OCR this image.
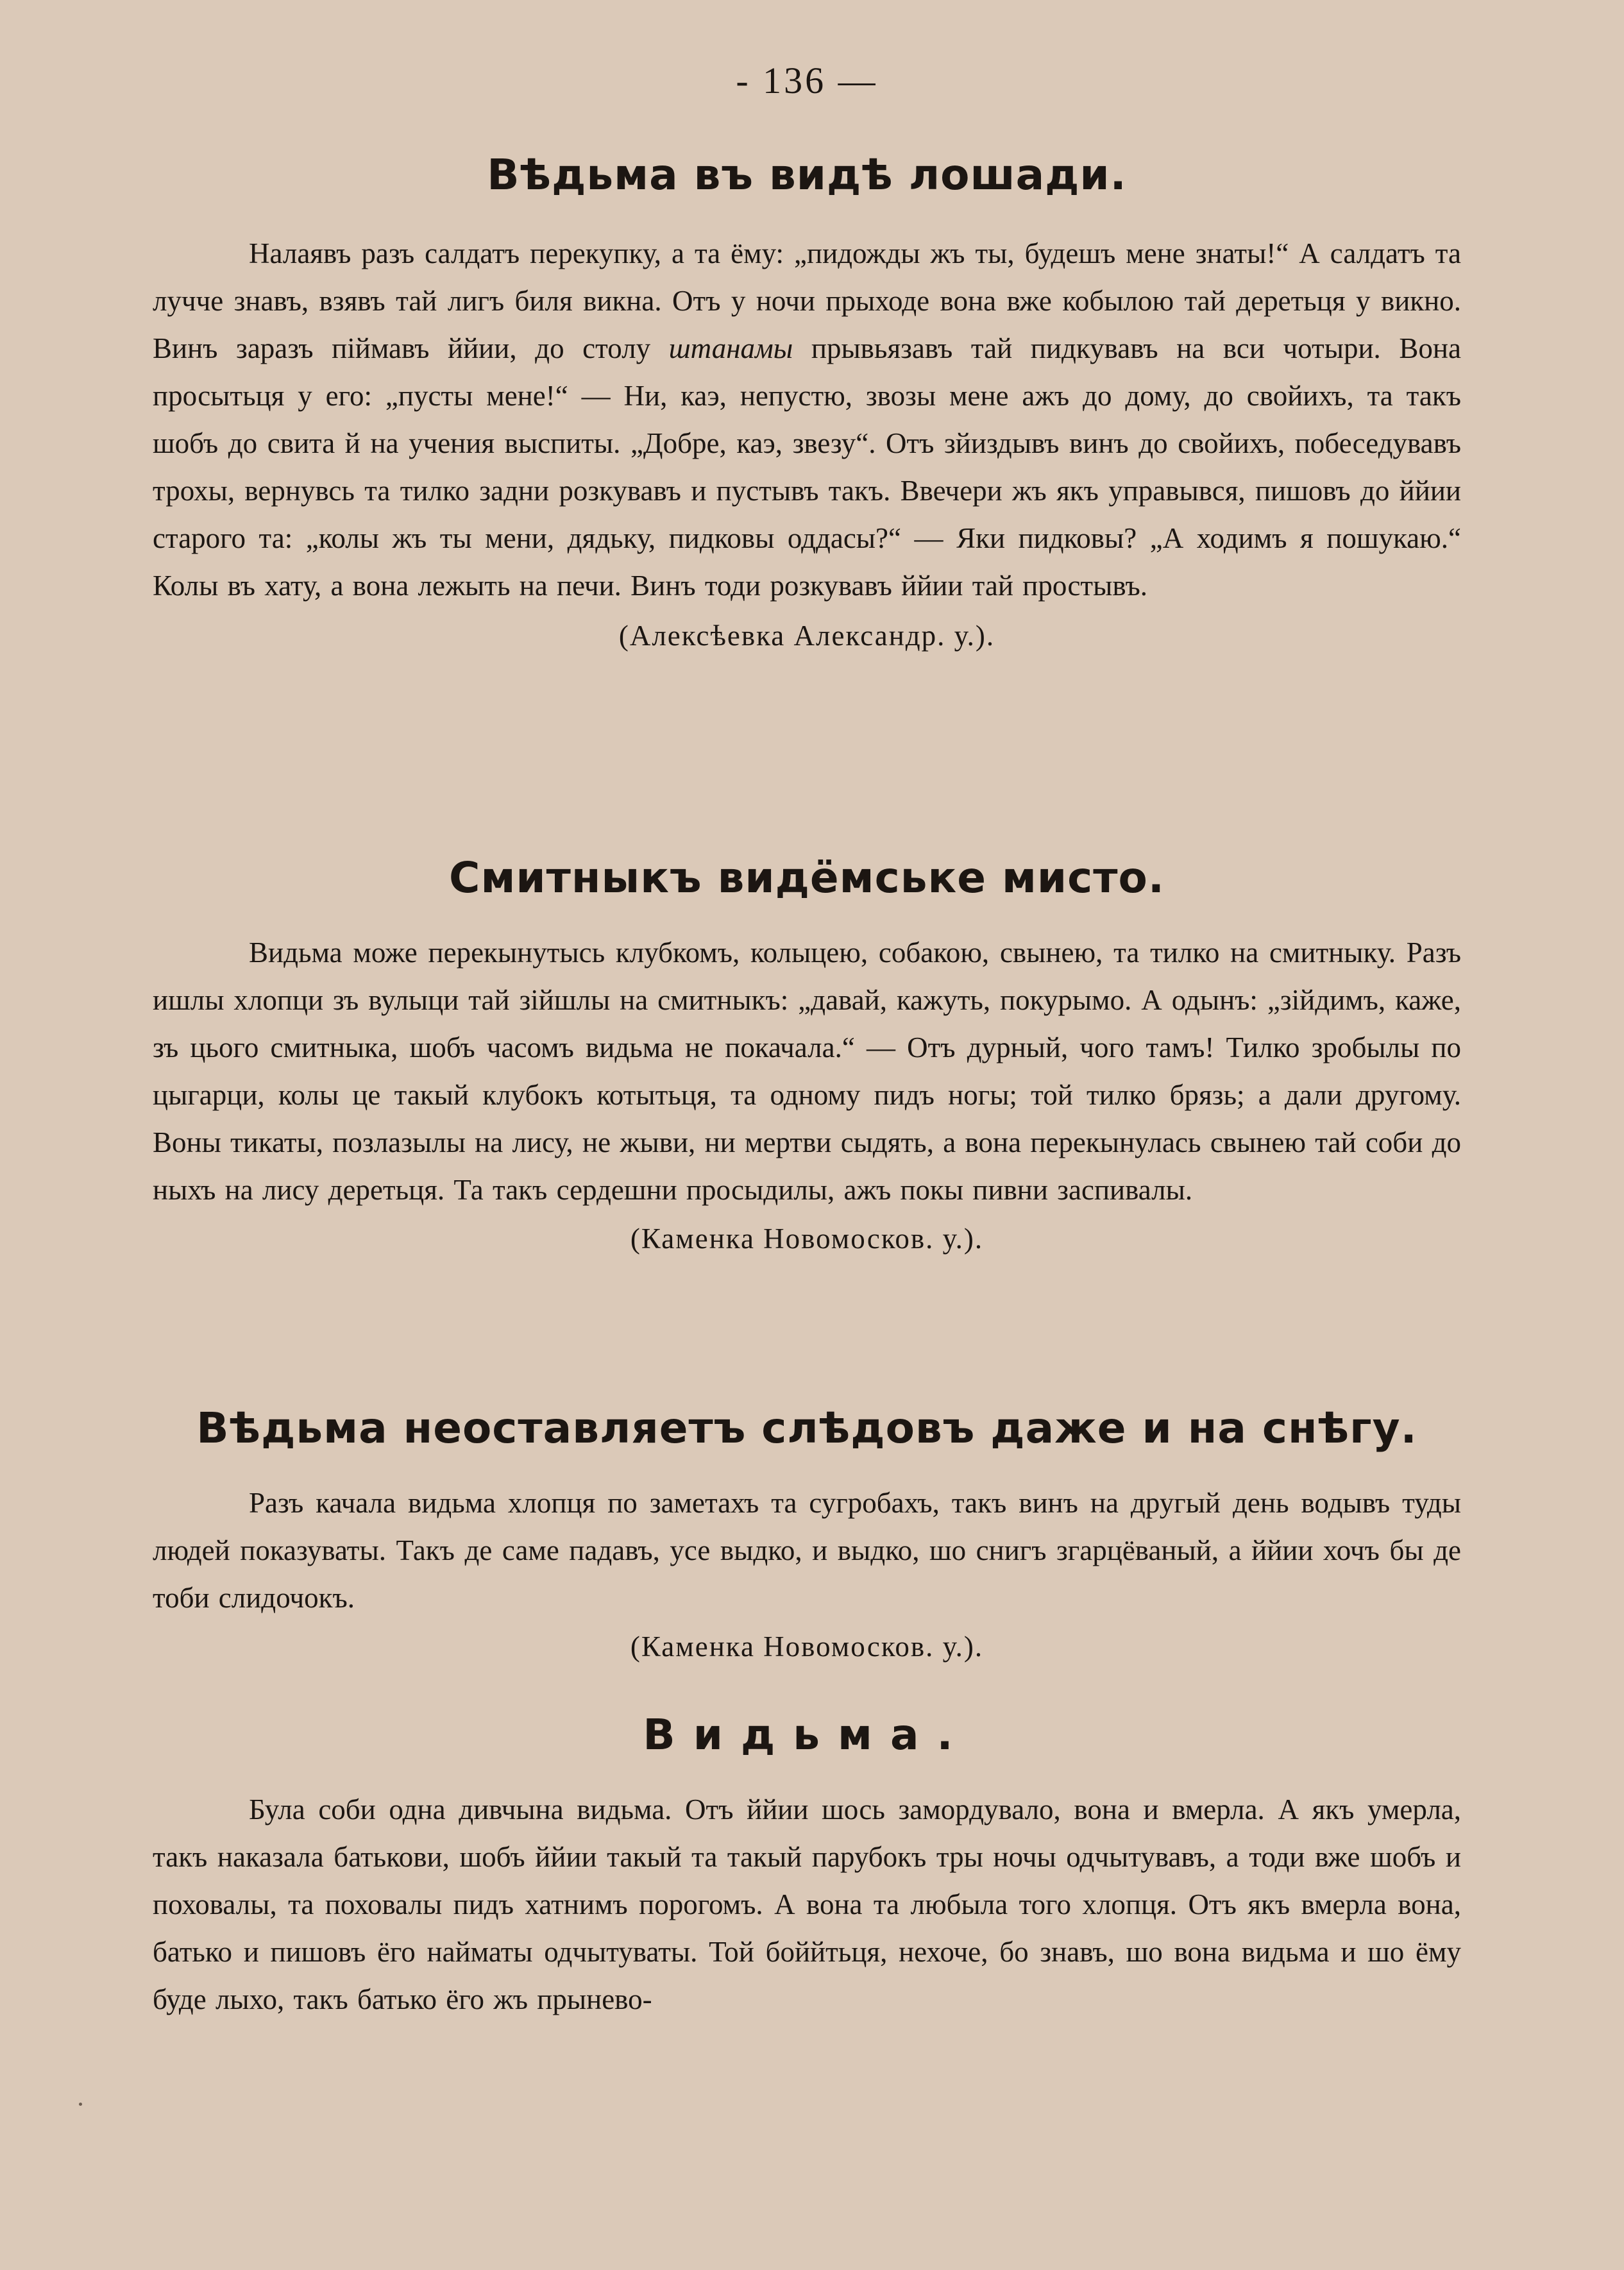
- 136 —
Вѣдьма въ видѣ лошади.

Налаявъ разъ салдатъ перекупку, а та ёму: „пидожды жъ ты, будешъ мене знаты!“ А салдатъ та лучче знавъ, взявъ тай лигъ биля викна. Отъ у ночи прыходе вона вже кобылою тай деретьця у викно. Винъ заразъ піймавъ ййии, до столу штанамы прывьязавъ тай пидкувавъ на вси чотыри. Вона просытьця у его: „пусты мене!“ — Ни, каэ, непустю, звозы мене ажъ до дому, до свойихъ, та такъ шобъ до свита й на учения выспиты. „Добре, каэ, звезу“. Отъ зйиздывъ винъ до свойихъ, побеседувавъ трохы, вернувсь та тилко задни розкувавъ и пустывъ такъ. Ввечери жъ якъ управывся, пишовъ до ййии старого та: „колы жъ ты мени, дядьку, пидковы оддасы?“ — Яки пидковы? „А ходимъ я пошукаю.“ Колы въ хату, а вона лежыть на печи. Винъ тоди розкувавъ ййии тай простывъ.

(Алексѣевка Александр. у.).

Смитныкъ видёмське мисто.

Видьма може перекынутысь клубкомъ, колыцею, собакою, свынею, та тилко на смитныку. Разъ ишлы хлопци зъ вулыци тай зійшлы на смитныкъ: „давай, кажуть, покурымо. А одынъ: „зійдимъ, каже, зъ цього смитныка, шобъ часомъ видьма не покачала.“ — Отъ дурный, чого тамъ! Тилко зробылы по цыгарци, колы це такый клубокъ котытьця, та одному пидъ ногы; той тилко брязь; а дали другому. Воны тикаты, позлазылы на лису, не жыви, ни мертви сыдять, а вона перекынулась свынею тай соби до ныхъ на лису деретьця. Та такъ сердешни просыдилы, ажъ покы пивни заспивалы.

(Каменка Новомосков. у.).

Вѣдьма неоставляетъ слѣдовъ даже и на снѣгу.

Разъ качала видьма хлопця по заметахъ та сугробахъ, такъ винъ на другый день водывъ туды людей показуваты. Такъ де саме падавъ, усе выдко, и выдко, шо снигъ згарцёваный, а ййии хочъ бы де тоби слидочокъ.

(Каменка Новомосков. у.).

Видьма.

Була соби одна дивчына видьма. Отъ ййии шось замордувало, вона и вмерла. А якъ умерла, такъ наказала батькови, шобъ ййии такый та такый парубокъ тры ночы одчытувавъ, а тоди вже шобъ и поховалы, та поховалы пидъ хатнимъ порогомъ. А вона та любыла того хлопця. Отъ якъ вмерла вона, батько и пишовъ ёго найматы одчытуваты. Той боййтьця, нехоче, бо знавъ, шо вона видьма и шо ёму буде лыхо, такъ батько ёго жъ прынево-
